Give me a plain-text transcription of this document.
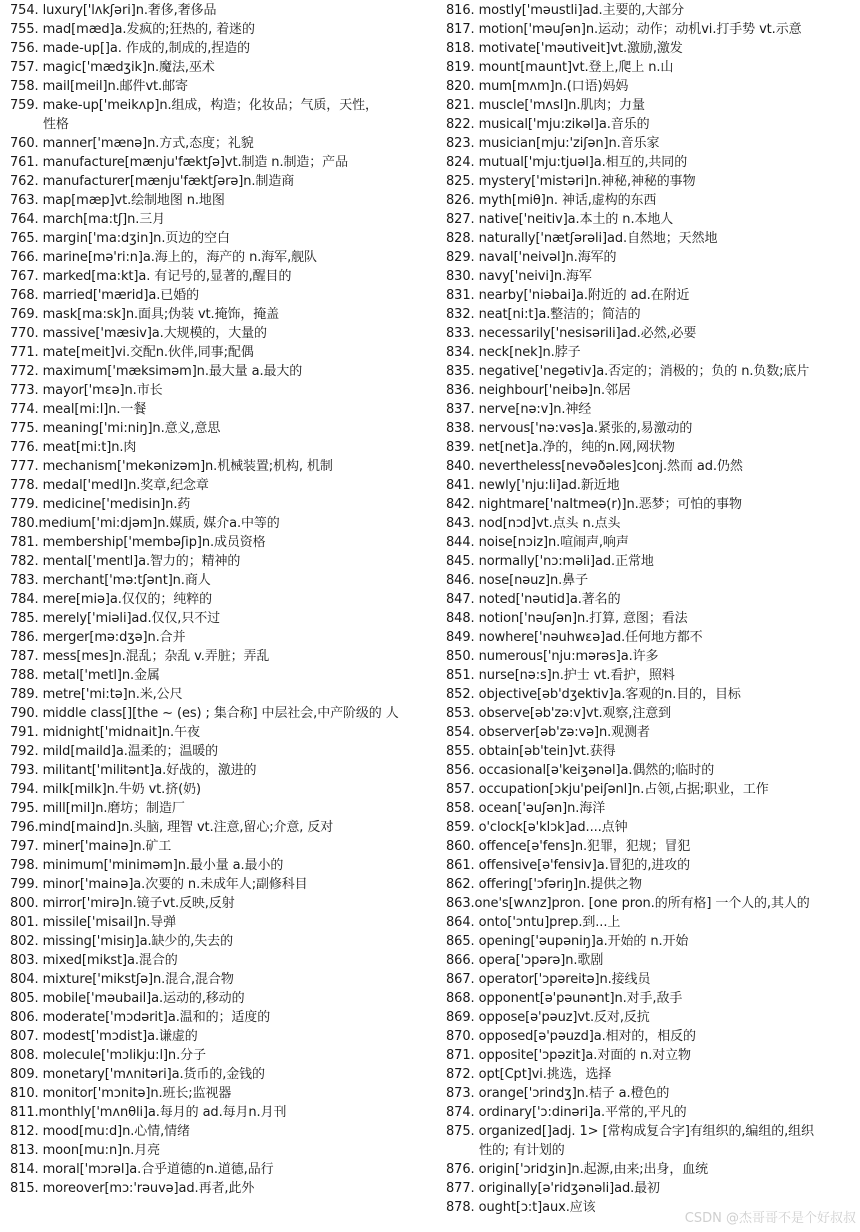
754. luxury['lʌkʃəri]n.奢侈,奢侈品
755. mad[mæd]a.发疯的;狂热的, 着迷的
756. made-up[]a. 作成的,制成的,捏造的
757. magic['mædʒik]n.魔法,巫术
758. mail[meil]n.邮件vt.邮寄
759. make-up['meikʌp]n.组成，构造；化妆品；气质，天性，
性格
760. manner['mænə]n.方式,态度；礼貌
761. manufacture[mænju'fæktʃə]vt.制造 n.制造；产品
762. manufacturer[mænju'fæktʃərə]n.制造商
763. map[mæp]vt.绘制地图 n.地图
764. march[ma:tʃ]n.三月
765. margin['ma:dʒin]n.页边的空白
766. marine[mə'ri:n]a.海上的，海产的 n.海军,舰队
767. marked[ma:kt]a. 有记号的,显著的,醒目的
768. married['mærid]a.已婚的
769. mask[ma:sk]n.面具;伪装 vt.掩饰，掩盖
770. massive['mæsiv]a.大规模的，大量的
771. mate[meit]vi.交配n.伙伴,同事;配偶
772. maximum['mæksiməm]n.最大量 a.最大的
773. mayor['mɛə]n.市长
774. meal[mi:l]n.一餐
775. meaning['mi:niŋ]n.意义,意思
776. meat[mi:t]n.肉
777. mechanism['mekənizəm]n.机械装置;机构, 机制
778. medal['medl]n.奖章,纪念章
779. medicine['medisin]n.药
780.medium['mi:djəm]n.媒质, 媒介a.中等的
781. membership['membəʃip]n.成员资格
782. mental['mentl]a.智力的；精神的
783. merchant['mə:tʃənt]n.商人
784. mere[miə]a.仅仅的；纯粹的
785. merely['miəli]ad.仅仅,只不过
786. merger[mə:dʒə]n.合并
787. mess[mes]n.混乱；杂乱 v.弄脏；弄乱
788. metal['metl]n.金属
789. metre['mi:tə]n.米,公尺
790. middle class[][the ~ (es) ; 集合称] 中层社会,中产阶级的 人
791. midnight['midnait]n.午夜
792. mild[maild]a.温柔的；温暖的
793. militant['militənt]a.好战的，激进的
794. milk[milk]n.牛奶 vt.挤(奶)
795. mill[mil]n.磨坊；制造厂
796.mind[maind]n.头脑, 理智 vt.注意,留心;介意, 反对
797. miner['mainə]n.矿工
798. minimum['miniməm]n.最小量 a.最小的
799. minor['mainə]a.次要的 n.未成年人;副修科目
800. mirror['mirə]n.镜子vt.反映,反射
801. missile['misail]n.导弹
802. missing['misiŋ]a.缺少的,失去的
803. mixed[mikst]a.混合的
804. mixture['mikstʃə]n.混合,混合物
805. mobile['məubail]a.运动的,移动的
806. moderate['mɔdərit]a.温和的；适度的
807. modest['mɔdist]a.谦虚的
808. molecule['mɔlikju:l]n.分子
809. monetary['mʌnitəri]a.货币的,金钱的
810. monitor['mɔnitə]n.班长;监视器
811.monthly['mʌnθli]a.每月的 ad.每月n.月刊
812. mood[mu:d]n.心情,情绪
813. moon[mu:n]n.月亮
814. moral['mɔrəl]a.合乎道德的n.道德,品行
815. moreover[mɔ:'rəuvə]ad.再者,此外
816. mostly['məustli]ad.主要的,大部分
817. motion['məuʃən]n.运动；动作；动机vi.打手势 vt.示意
818. motivate['məutiveit]vt.激励,激发
819. mount[maunt]vt.登上,爬上 n.山
820. mum[mʌm]n.(口语)妈妈
821. muscle['mʌsl]n.肌肉；力量
822. musical['mju:zikəl]a.音乐的
823. musician[mju:'ziʃən]n.音乐家
824. mutual['mju:tjuəl]a.相互的,共同的
825. mystery['mistəri]n.神秘,神秘的事物
826. myth[miθ]n. 神话,虚构的东西
827. native['neitiv]a.本土的 n.本地人
828. naturally['nætʃərəli]ad.自然地；天然地
829. naval['neivəl]n.海军的
830. navy['neivi]n.海军
831. nearby['niəbai]a.附近的 ad.在附近
832. neat[ni:t]a.整洁的；简洁的
833. necessarily['nesisərili]ad.必然,必要
834. neck[nek]n.脖子
835. negative['negətiv]a.否定的；消极的；负的 n.负数;底片
836. neighbour['neibə]n.邻居
837. nerve[nə:v]n.神经
838. nervous['nə:vəs]a.紧张的,易激动的
839. net[net]a.净的，纯的n.网,网状物
840. nevertheless[nevəðəles]conj.然而 ad.仍然
841. newly['nju:li]ad.新近地
842. nightmare['naItmeə(r)]n.恶梦；可怕的事物
843. nod[nɔd]vt.点头 n.点头
844. noise[nɔiz]n.喧闹声,响声
845. normally['nɔ:məli]ad.正常地
846. nose[nəuz]n.鼻子
847. noted['nəutid]a.著名的
848. notion['nəuʃən]n.打算, 意图；看法
849. nowhere['nəuhwεə]ad.任何地方都不
850. numerous['nju:mərəs]a.许多
851. nurse[nə:s]n.护士 vt.看护，照料
852. objective[əb'dʒektiv]a.客观的n.目的，目标
853. observe[əb'zə:v]vt.观察,注意到
854. observer[əb'zə:və]n.观测者
855. obtain[əb'tein]vt.获得
856. occasional[ə'keiʒənəl]a.偶然的;临时的
857. occupation[ɔkju'peiʃənl]n.占领,占据;职业，工作
858. ocean['əuʃən]n.海洋
859. o'clock[ə'klɔk]ad....点钟
860. offence[ə'fens]n.犯罪，犯规；冒犯
861. offensive[ə'fensiv]a.冒犯的,进攻的
862. offering['ɔfəriŋ]n.提供之物
863.one's[wʌnz]pron. [one pron.的所有格] 一个人的,其人的
864. onto['ɔntu]prep.到...上
865. opening['əupəniŋ]a.开始的 n.开始
866. opera['ɔpərə]n.歌剧
867. operator['ɔpəreitə]n.接线员
868. opponent[ə'pəunənt]n.对手,敌手
869. oppose[ə'pəuz]vt.反对,反抗
870. opposed[ə'pəuzd]a.相对的，相反的
871. opposite['ɔpəzit]a.对面的 n.对立物
872. opt[Cpt]vi.挑选，选择
873. orange['ɔrindʒ]n.桔子 a.橙色的
874. ordinary['ɔ:dinəri]a.平常的,平凡的
875. organized[]adj. 1> [常构成复合字]有组织的,编组的,组织
性的; 有计划的
876. origin['ɔridʒin]n.起源,由来;出身，血统
877. originally[ə'ridʒənəli]ad.最初
878. ought[ɔ:t]aux.应该
CSDN @杰哥哥不是个好叔叔
